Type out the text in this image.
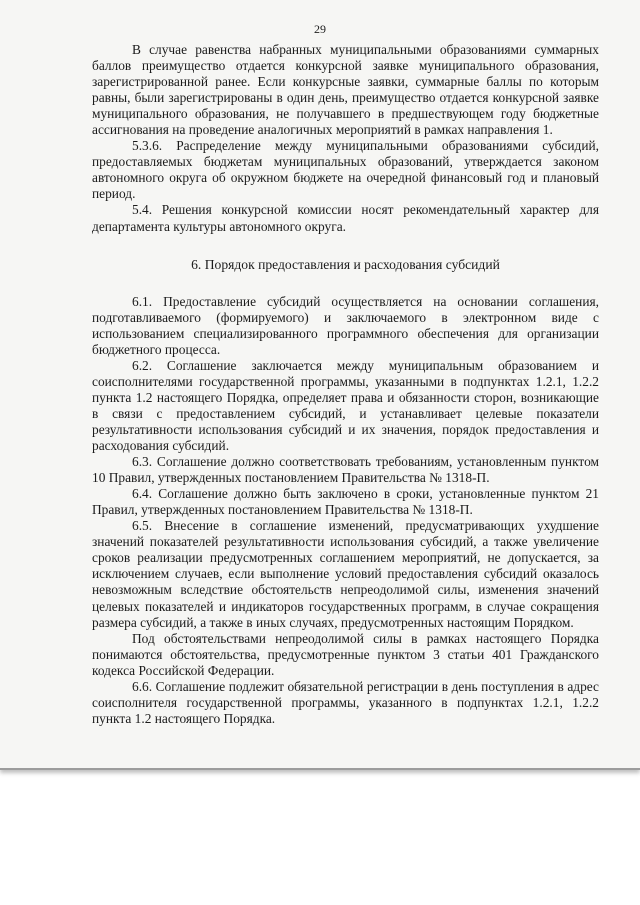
29

В случае равенства набранных муниципальными образованиями суммарных баллов преимущество отдается конкурсной заявке муниципального образования, зарегистрированной ранее. Если конкурсные заявки, суммарные баллы по которым равны, были зарегистрированы в один день, преимущество отдается конкурсной заявке муниципального образования, не получавшего в предшествующем году бюджетные ассигнования на проведение аналогичных мероприятий в рамках направления 1.

5.3.6. Распределение между муниципальными образованиями субсидий, предоставляемых бюджетам муниципальных образований, утверждается законом автономного округа об окружном бюджете на очередной финансовый год и плановый период.

5.4. Решения конкурсной комиссии носят рекомендательный характер для департамента культуры автономного округа.

6. Порядок предоставления и расходования субсидий

6.1. Предоставление субсидий осуществляется на основании соглашения, подготавливаемого (формируемого) и заключаемого в электронном виде с использованием специализированного программного обеспечения для организации бюджетного процесса.

6.2. Соглашение заключается между муниципальным образованием и соисполнителями государственной программы, указанными в подпунктах 1.2.1, 1.2.2 пункта 1.2 настоящего Порядка, определяет права и обязанности сторон, возникающие в связи с предоставлением субсидий, и устанавливает целевые показатели результативности использования субсидий и их значения, порядок предоставления и расходования субсидий.

6.3. Соглашение должно соответствовать требованиям, установленным пунктом 10 Правил, утвержденных постановлением Правительства № 1318-П.

6.4. Соглашение должно быть заключено в сроки, установленные пунктом 21 Правил, утвержденных постановлением Правительства № 1318-П.

6.5. Внесение в соглашение изменений, предусматривающих ухудшение значений показателей результативности использования субсидий, а также увеличение сроков реализации предусмотренных соглашением мероприятий, не допускается, за исключением случаев, если выполнение условий предоставления субсидий оказалось невозможным вследствие обстоятельств непреодолимой силы, изменения значений целевых показателей и индикаторов государственных программ, в случае сокращения размера субсидий, а также в иных случаях, предусмотренных настоящим Порядком.

Под обстоятельствами непреодолимой силы в рамках настоящего Порядка понимаются обстоятельства, предусмотренные пунктом 3 статьи 401 Гражданского кодекса Российской Федерации.

6.6. Соглашение подлежит обязательной регистрации в день поступления в адрес соисполнителя государственной программы, указанного в подпунктах 1.2.1, 1.2.2 пункта 1.2 настоящего Порядка.
